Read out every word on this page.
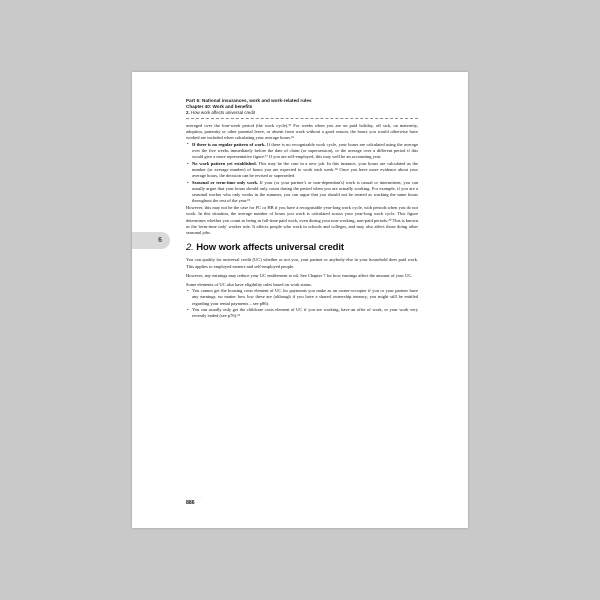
6
Part 6: National insurances, work and work-related rules
Chapter 40: Work and benefits
2. How work affects universal credit

averaged over the four-week period (the work cycle).¹⁵ For weeks when you are on paid holiday, off sick, on maternity, adoption, paternity or other parental leave, or absent from work without a good reason, the hours you would otherwise have worked are included when calculating your average hours.¹⁶

• If there is no regular pattern of work. If there is no recognisable work cycle, your hours are calculated using the average over the five weeks immediately before the date of claim (or supersession), or the average over a different period if this would give a more representative figure.¹⁷ If you are self-employed, this may well be an accounting year.
• No work pattern yet established. This may be the case in a new job. In this instance, your hours are calculated as the number (or average number) of hours you are expected to work each week.¹⁸ Once you have more evidence about your average hours, the decision can be revised or superseded.
• Seasonal or term-time only work. If your (or your partner's or non-dependant's) work is casual or intermittent, you can usually argue that your hours should only count during the period when you are actually working. For example, if you are a seasonal worker who only works in the summer, you can argue that you should not be treated as working the same hours throughout the rest of the year.¹⁹

However, this may not be the case for FC or HB if you have a recognisable year-long work cycle, with periods when you do not work. In this situation, the average number of hours you work is calculated across your year-long work cycle. This figure determines whether you count as being in full-time paid work, even during your non-working, non-paid periods.²⁰ This is known as the 'term-time only' worker rule. It affects people who work in schools and colleges, and may also affect those doing other seasonal jobs.

2. How work affects universal credit

You can qualify for universal credit (UC) whether or not you, your partner or anybody else in your household does paid work. This applies to employed earners and self-employed people.

However, any earnings may reduce your UC entitlement to nil. See Chapter 7 for how earnings affect the amount of your UC.

Some elements of UC also have eligibility rules based on work status.

• You cannot get the housing costs element of UC for payments you make as an owner-occupier if you or your partner have any earnings, no matter how low these are (although if you have a shared ownership tenancy, you might still be entitled regarding your rental payments – see p86).
• You can usually only get the childcare costs element of UC if you are working, have an offer of work, or your work very recently ended (see p76).²¹
. . . .
886
